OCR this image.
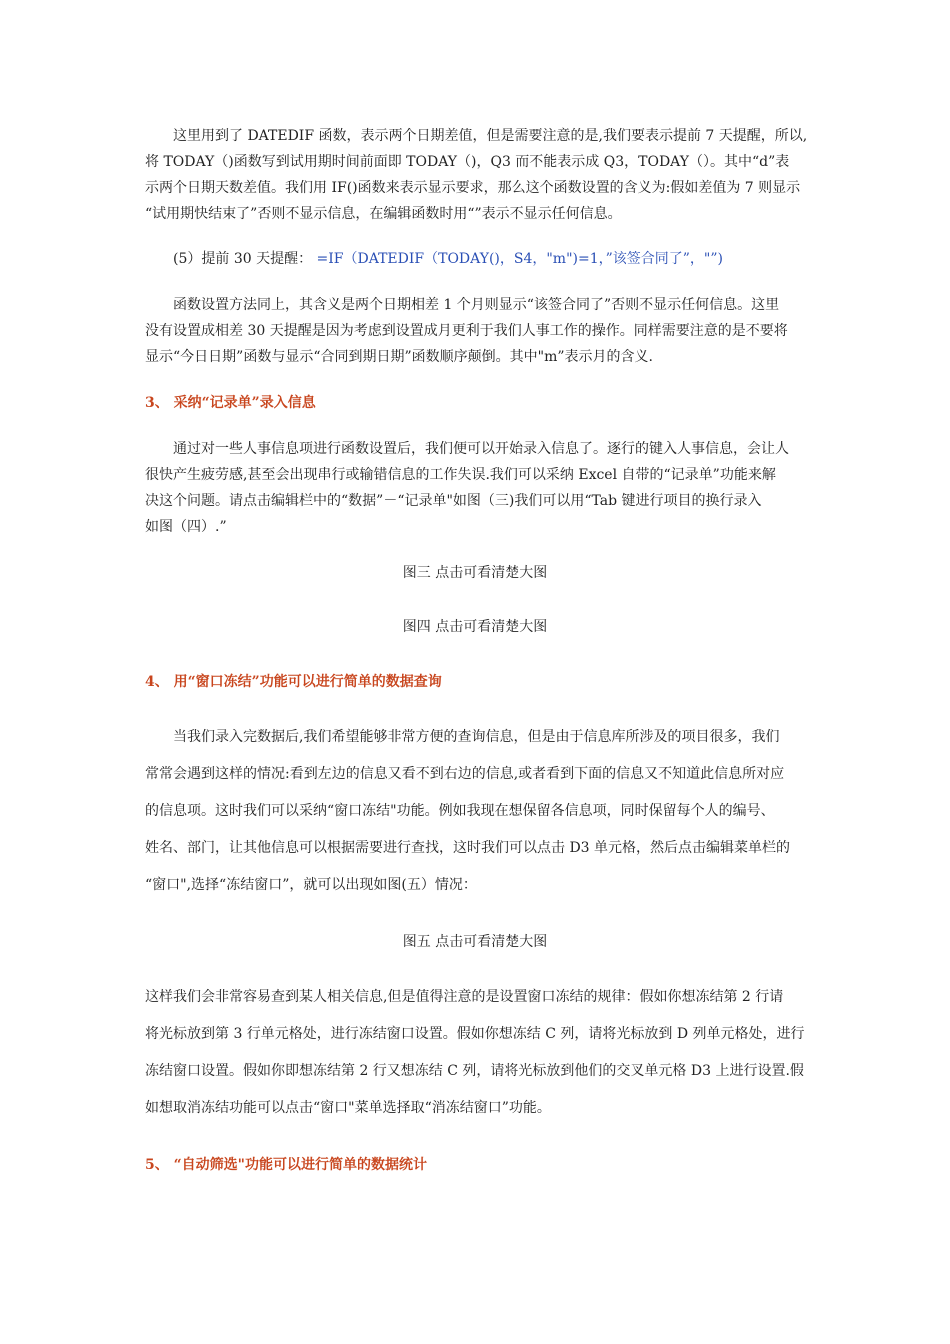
这里用到了 DATEDIF 函数，表示两个日期差值，但是需要注意的是,我们要表示提前 7 天提醒，所以,
将 TODAY（)函数写到试用期时间前面即 TODAY（)，Q3 而不能表示成 Q3，TODAY（）。其中“d”表
示两个日期天数差值。我们用 IF()函数来表示显示要求，那么这个函数设置的含义为:假如差值为 7 则显示
“试用期快结束了”否则不显示信息，在编辑函数时用“”表示不显示任何信息。
(5）提前 30 天提醒： =IF（DATEDIF（TODAY()，S4，"m")=1，”该签合同了”，"”)
函数设置方法同上，其含义是两个日期相差 1 个月则显示“该签合同了”否则不显示任何信息。这里
没有设置成相差 30 天提醒是因为考虑到设置成月更利于我们人事工作的操作。同样需要注意的是不要将
显示“今日日期”函数与显示“合同到期日期”函数顺序颠倒。其中"m”表示月的含义.
3、 采纳“记录单”录入信息
通过对一些人事信息项进行函数设置后，我们便可以开始录入信息了。逐行的键入人事信息，会让人
很快产生疲劳感,甚至会出现串行或输错信息的工作失误.我们可以采纳 Excel 自带的“记录单”功能来解
决这个问题。请点击编辑栏中的“数据”－“记录单"如图（三)我们可以用“Tab 键进行项目的换行录入
如图（四）.”
图三 点击可看清楚大图
图四 点击可看清楚大图
4、 用“窗口冻结”功能可以进行简单的数据查询
当我们录入完数据后,我们希望能够非常方便的查询信息，但是由于信息库所涉及的项目很多，我们
常常会遇到这样的情况:看到左边的信息又看不到右边的信息,或者看到下面的信息又不知道此信息所对应
的信息项。这时我们可以采纳“窗口冻结"功能。例如我现在想保留各信息项，同时保留每个人的编号、
姓名、部门，让其他信息可以根据需要进行查找，这时我们可以点击 D3 单元格，然后点击编辑菜单栏的
“窗口",选择“冻结窗口”，就可以出现如图(五）情况：
图五 点击可看清楚大图
这样我们会非常容易查到某人相关信息,但是值得注意的是设置窗口冻结的规律：假如你想冻结第 2 行请
将光标放到第 3 行单元格处，进行冻结窗口设置。假如你想冻结 C 列，请将光标放到 D 列单元格处，进行
冻结窗口设置。假如你即想冻结第 2 行又想冻结 C 列，请将光标放到他们的交叉单元格 D3 上进行设置.假
如想取消冻结功能可以点击“窗口"菜单选择取“消冻结窗口”功能。
5、 “自动筛选"功能可以进行简单的数据统计
